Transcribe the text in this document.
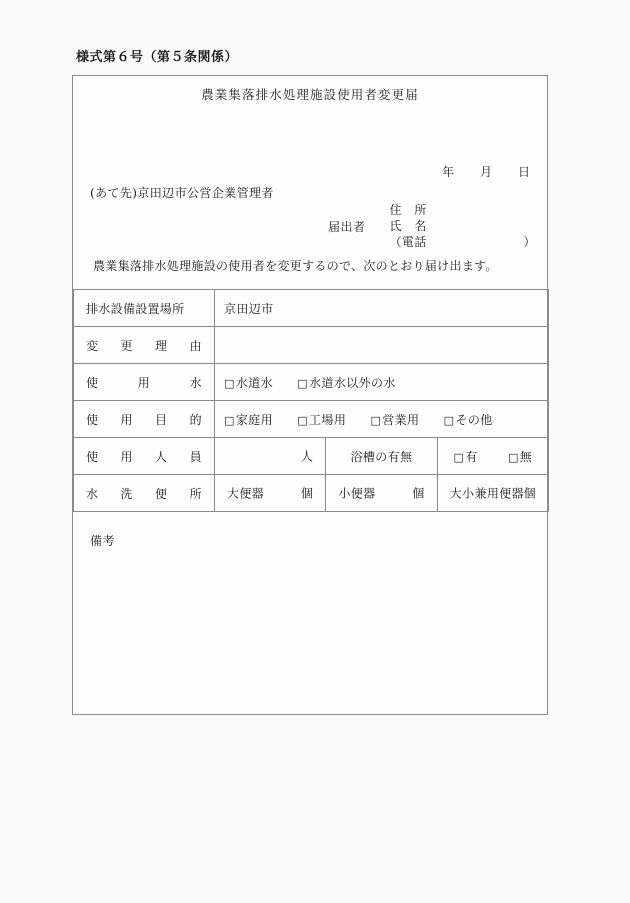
様式第６号（第５条関係）
農業集落排水処理施設使用者変更届
年 月 日
(あて先)京田辺市公営企業管理者
届出者
住　所
氏　名
（電話	）
農業集落排水処理施設の使用者を変更するので、次のとおり届け出ます。
排水設備設置場所	京田辺市		
変　更　理　由			
使　　用　　水	□水道水 □水道水以外の水		
使　用　目　的	□家庭用 □工場用 □営業用 □その他		
使　用　人　員	人	浴槽の有無	□有 □無
水　洗　便　所	大便器 個	小便器 個	大小兼用便器 個
備考
